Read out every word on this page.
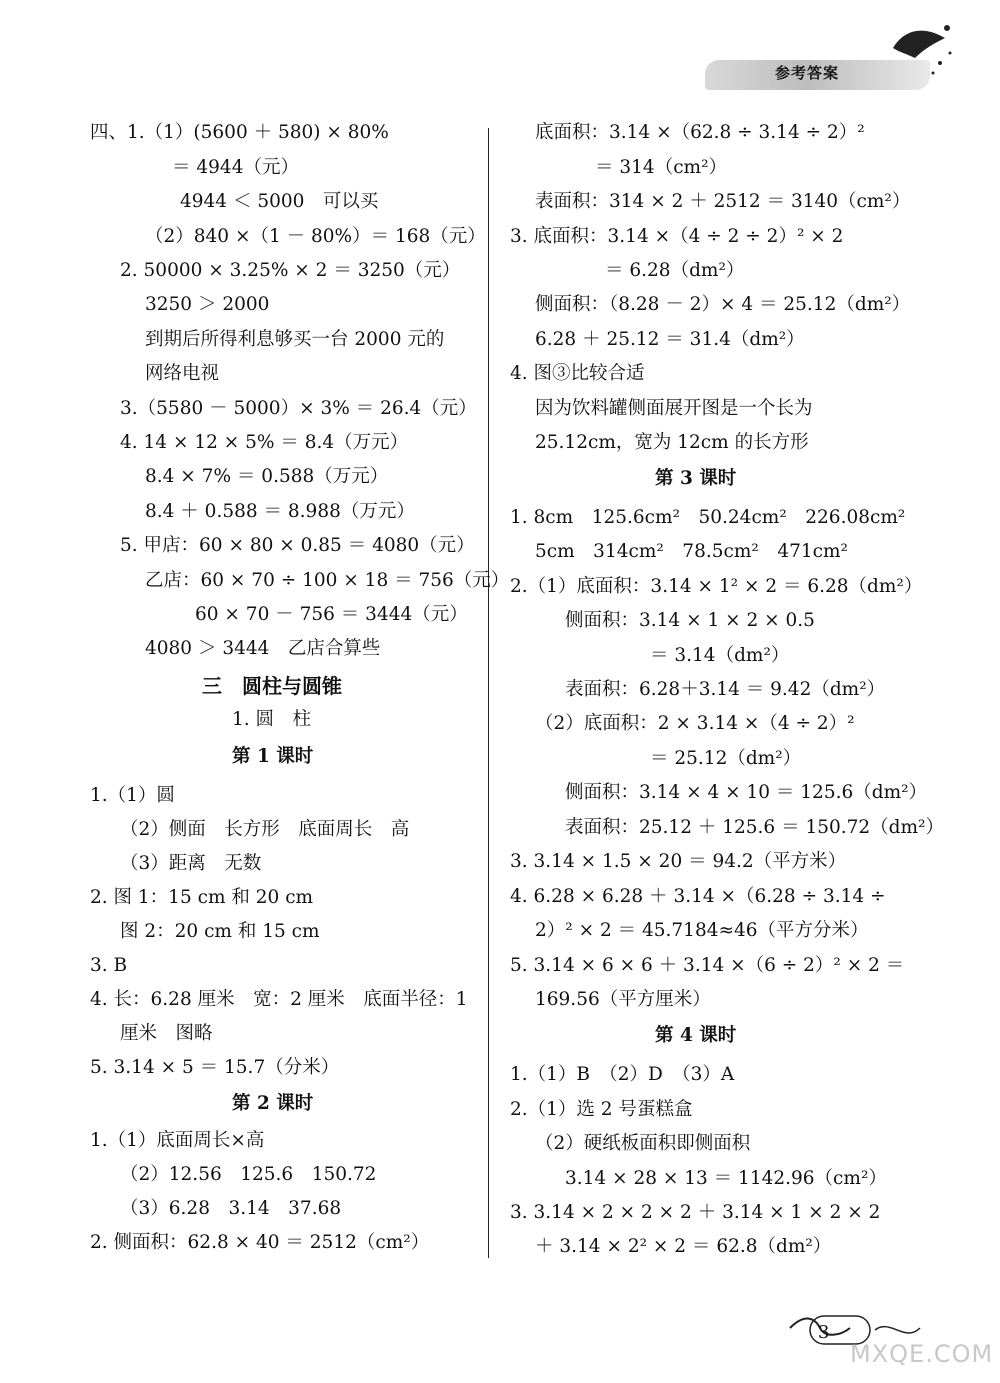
参考答案
四、1.（1）(5600 ＋ 580) × 80%
＝ 4944（元）
4944 ＜ 5000　可以买
（2）840 ×（1 － 80%）＝ 168（元）
2. 50000 × 3.25% × 2 ＝ 3250（元）
3250 ＞ 2000
到期后所得利息够买一台 2000 元的
网络电视
3.（5580 － 5000）× 3% ＝ 26.4（元）
4. 14 × 12 × 5% ＝ 8.4（万元）
8.4 × 7% ＝ 0.588（万元）
8.4 ＋ 0.588 ＝ 8.988（万元）
5. 甲店：60 × 80 × 0.85 ＝ 4080（元）
乙店：60 × 70 ÷ 100 × 18 ＝ 756（元）
60 × 70 － 756 ＝ 3444（元）
4080 ＞ 3444　乙店合算些
三　圆柱与圆锥
1. 圆　柱
第 1 课时
1.（1）圆
（2）侧面　长方形　底面周长　高
（3）距离　无数
2. 图 1：15 cm 和 20 cm
图 2：20 cm 和 15 cm
3. B
4. 长：6.28 厘米　宽：2 厘米　底面半径：1
厘米　图略
5. 3.14 × 5 ＝ 15.7（分米）
第 2 课时
1.（1）底面周长×高
（2）12.56　125.6　150.72
（3）6.28　3.14　37.68
2. 侧面积：62.8 × 40 ＝ 2512（cm²）
底面积：3.14 ×（62.8 ÷ 3.14 ÷ 2）²
＝ 314（cm²）
表面积：314 × 2 ＋ 2512 ＝ 3140（cm²）
3. 底面积：3.14 ×（4 ÷ 2 ÷ 2）² × 2
＝ 6.28（dm²）
侧面积：（8.28 － 2）× 4 ＝ 25.12（dm²）
6.28 ＋ 25.12 ＝ 31.4（dm²）
4. 图③比较合适
因为饮料罐侧面展开图是一个长为
25.12cm，宽为 12cm 的长方形
第 3 课时
1. 8cm　125.6cm²　50.24cm²　226.08cm²
5cm　314cm²　78.5cm²　471cm²
2.（1）底面积：3.14 × 1² × 2 ＝ 6.28（dm²）
侧面积：3.14 × 1 × 2 × 0.5
＝ 3.14（dm²）
表面积：6.28＋3.14 ＝ 9.42（dm²）
（2）底面积：2 × 3.14 ×（4 ÷ 2）²
＝ 25.12（dm²）
侧面积：3.14 × 4 × 10 ＝ 125.6（dm²）
表面积：25.12 ＋ 125.6 ＝ 150.72（dm²）
3. 3.14 × 1.5 × 20 ＝ 94.2（平方米）
4. 6.28 × 6.28 ＋ 3.14 ×（6.28 ÷ 3.14 ÷
2）² × 2 ＝ 45.7184≈46（平方分米）
5. 3.14 × 6 × 6 ＋ 3.14 ×（6 ÷ 2）² × 2 ＝
169.56（平方厘米）
第 4 课时
1.（1）B　（2）D　（3）A
2.（1）选 2 号蛋糕盒
（2）硬纸板面积即侧面积
3.14 × 28 × 13 ＝ 1142.96（cm²）
3. 3.14 × 2 × 2 × 2 ＋ 3.14 × 1 × 2 × 2
＋ 3.14 × 2² × 2 ＝ 62.8（dm²）
3
MXQE.COM
